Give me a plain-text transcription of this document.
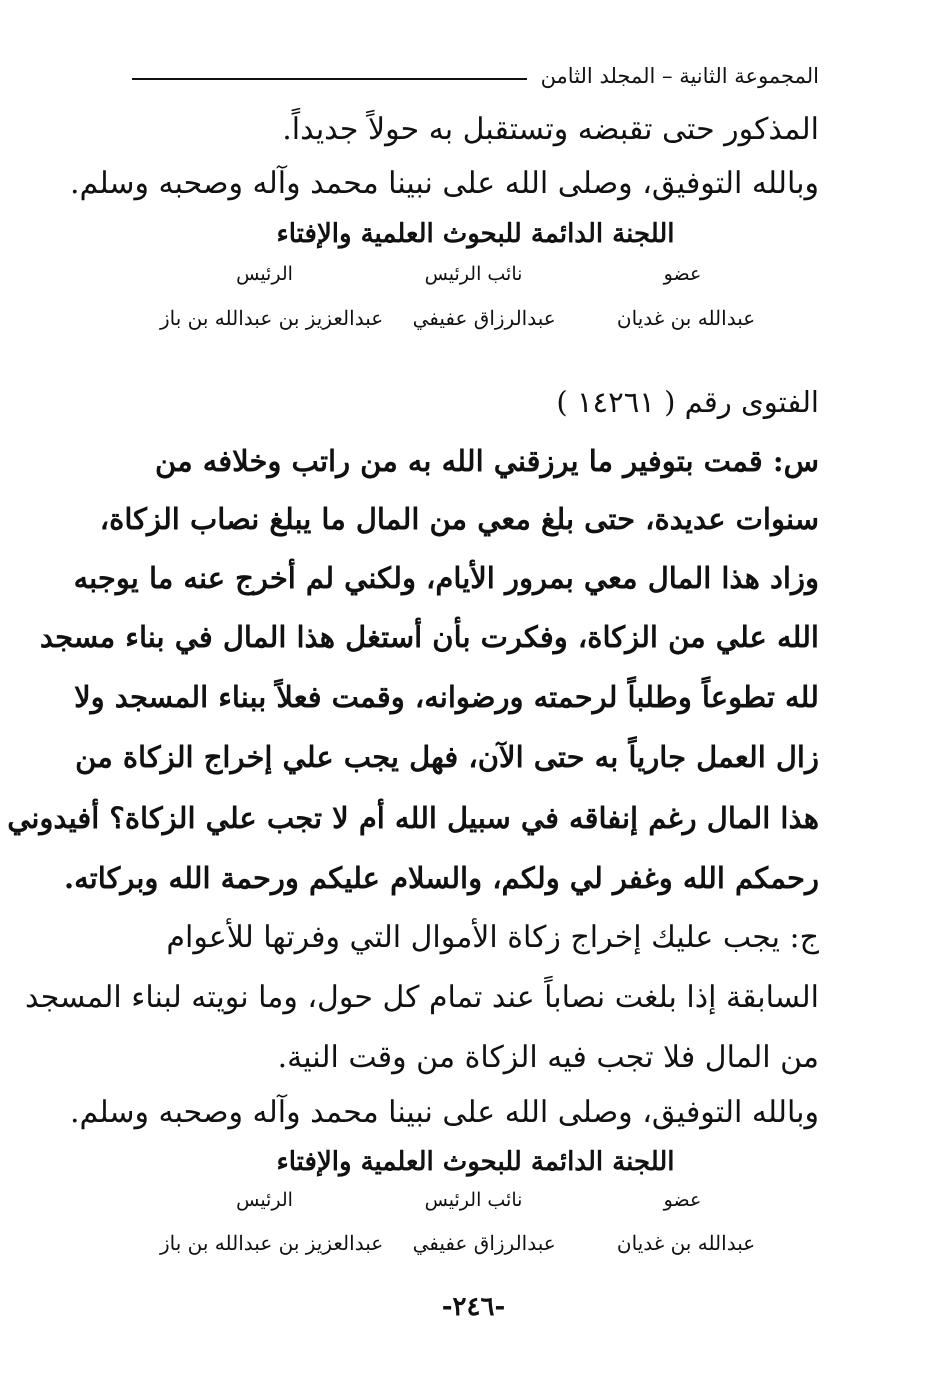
المجموعة الثانية – المجلد الثامن
المذكور حتى تقبضه وتستقبل به حولاً جديداً.
وبالله التوفيق، وصلى الله على نبينا محمد وآله وصحبه وسلم.
اللجنة الدائمة للبحوث العلمية والإفتاء
عضو
نائب الرئيس
الرئيس
عبدالله بن غديان
عبدالرزاق عفيفي
عبدالعزيز بن عبدالله بن باز
الفتوى رقم ( ١٤٢٦١ )
س: قمت بتوفير ما يرزقني الله به من راتب وخلافه من
سنوات عديدة، حتى بلغ معي من المال ما يبلغ نصاب الزكاة،
وزاد هذا المال معي بمرور الأيام، ولكني لم أخرج عنه ما يوجبه
الله علي من الزكاة، وفكرت بأن أستغل هذا المال في بناء مسجد
لله تطوعاً وطلباً لرحمته ورضوانه، وقمت فعلاً ببناء المسجد ولا
زال العمل جارياً به حتى الآن، فهل يجب علي إخراج الزكاة من
هذا المال رغم إنفاقه في سبيل الله أم لا تجب علي الزكاة؟ أفيدوني
رحمكم الله وغفر لي ولكم، والسلام عليكم ورحمة الله وبركاته.
ج: يجب عليك إخراج زكاة الأموال التي وفرتها للأعوام
السابقة إذا بلغت نصاباً عند تمام كل حول، وما نويته لبناء المسجد
من المال فلا تجب فيه الزكاة من وقت النية.
وبالله التوفيق، وصلى الله على نبينا محمد وآله وصحبه وسلم.
اللجنة الدائمة للبحوث العلمية والإفتاء
عضو
نائب الرئيس
الرئيس
عبدالله بن غديان
عبدالرزاق عفيفي
عبدالعزيز بن عبدالله بن باز
-٢٤٦-
